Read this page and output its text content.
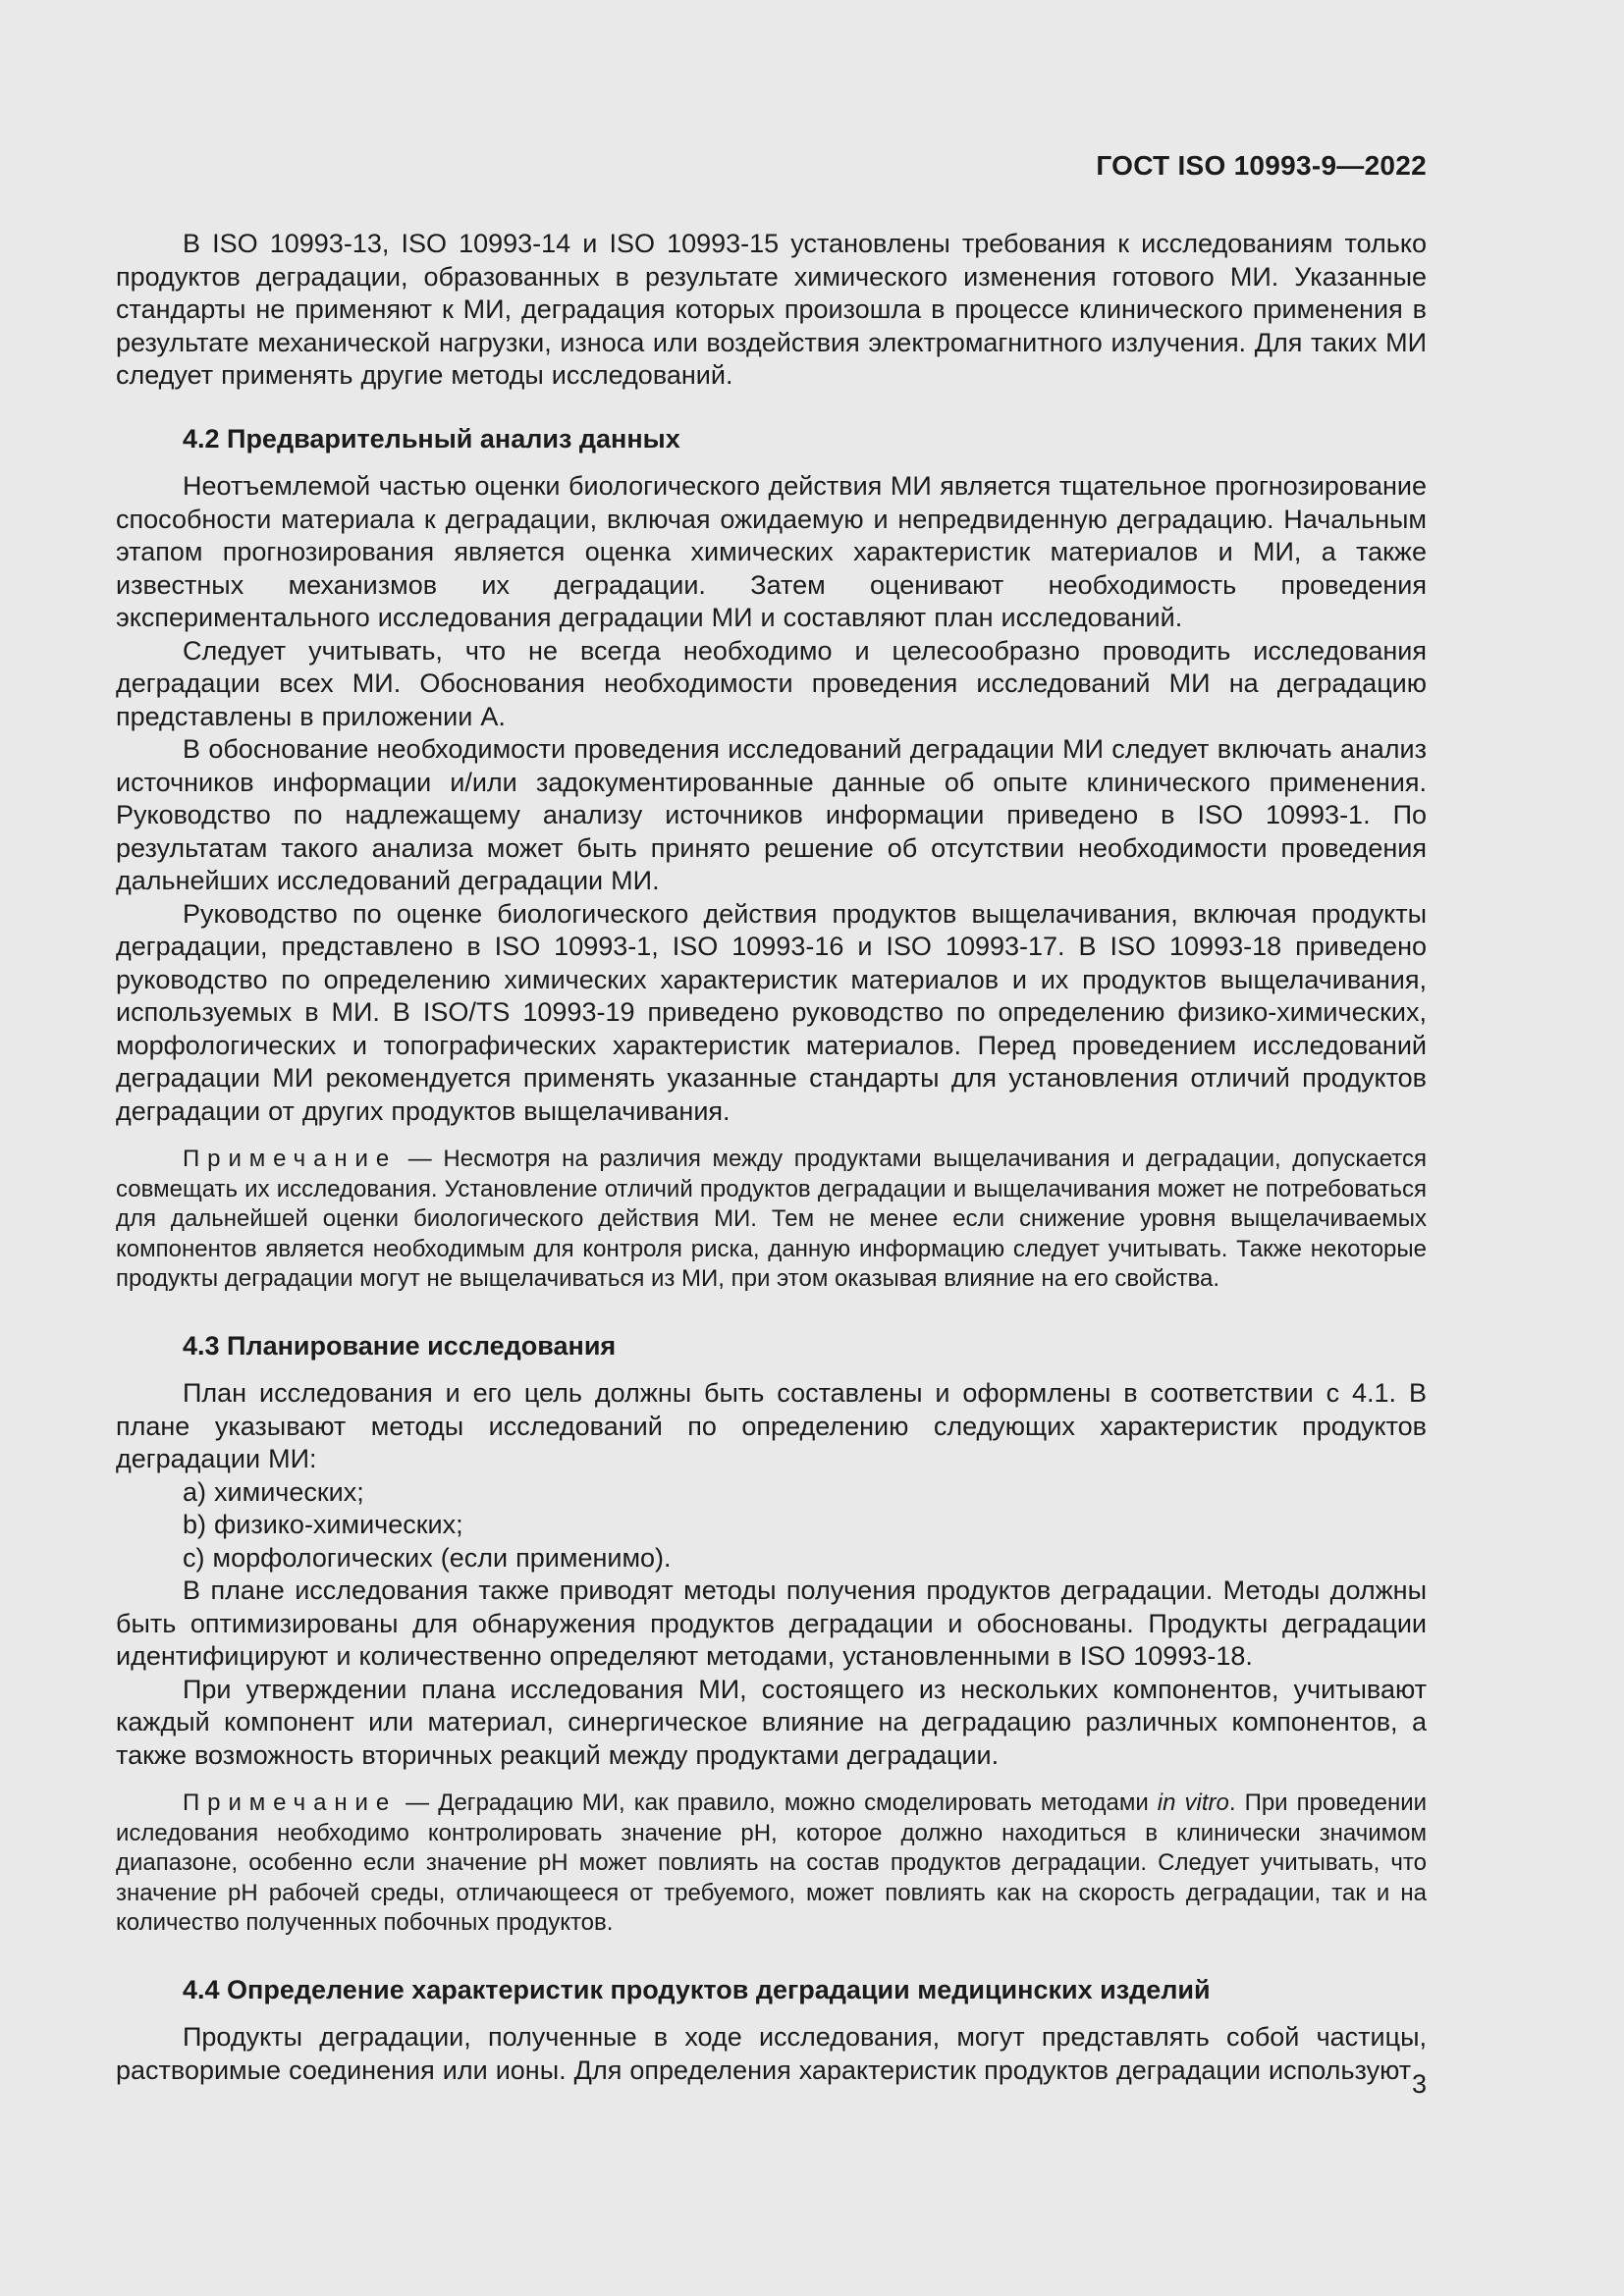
ГОСТ ISO 10993-9—2022
В ISO 10993-13, ISO 10993-14 и ISO 10993-15 установлены требования к исследованиям только продуктов деградации, образованных в результате химического изменения готового МИ. Указанные стандарты не применяют к МИ, деградация которых произошла в процессе клинического применения в результате механической нагрузки, износа или воздействия электромагнитного излучения. Для таких МИ следует применять другие методы исследований.
4.2 Предварительный анализ данных
Неотъемлемой частью оценки биологического действия МИ является тщательное прогнозирование способности материала к деградации, включая ожидаемую и непредвиденную деградацию. Начальным этапом прогнозирования является оценка химических характеристик материалов и МИ, а также известных механизмов их деградации. Затем оценивают необходимость проведения экспериментального исследования деградации МИ и составляют план исследований.
Следует учитывать, что не всегда необходимо и целесообразно проводить исследования деградации всех МИ. Обоснования необходимости проведения исследований МИ на деградацию представлены в приложении А.
В обоснование необходимости проведения исследований деградации МИ следует включать анализ источников информации и/или задокументированные данные об опыте клинического применения. Руководство по надлежащему анализу источников информации приведено в ISO 10993-1. По результатам такого анализа может быть принято решение об отсутствии необходимости проведения дальнейших исследований деградации МИ.
Руководство по оценке биологического действия продуктов выщелачивания, включая продукты деградации, представлено в ISO 10993-1, ISO 10993-16 и ISO 10993-17. В ISO 10993-18 приведено руководство по определению химических характеристик материалов и их продуктов выщелачивания, используемых в МИ. В ISO/TS 10993-19 приведено руководство по определению физико-химических, морфологических и топографических характеристик материалов. Перед проведением исследований деградации МИ рекомендуется применять указанные стандарты для установления отличий продуктов деградации от других продуктов выщелачивания.
Примечание — Несмотря на различия между продуктами выщелачивания и деградации, допускается совмещать их исследования. Установление отличий продуктов деградации и выщелачивания может не потребоваться для дальнейшей оценки биологического действия МИ. Тем не менее если снижение уровня выщелачиваемых компонентов является необходимым для контроля риска, данную информацию следует учитывать. Также некоторые продукты деградации могут не выщелачиваться из МИ, при этом оказывая влияние на его свойства.
4.3 Планирование исследования
План исследования и его цель должны быть составлены и оформлены в соответствии с 4.1. В плане указывают методы исследований по определению следующих характеристик продуктов деградации МИ:
a) химических;
b) физико-химических;
c) морфологических (если применимо).
В плане исследования также приводят методы получения продуктов деградации. Методы должны быть оптимизированы для обнаружения продуктов деградации и обоснованы. Продукты деградации идентифицируют и количественно определяют методами, установленными в ISO 10993-18.
При утверждении плана исследования МИ, состоящего из нескольких компонентов, учитывают каждый компонент или материал, синергическое влияние на деградацию различных компонентов, а также возможность вторичных реакций между продуктами деградации.
Примечание — Деградацию МИ, как правило, можно смоделировать методами in vitro. При проведении иследования необходимо контролировать значение pH, которое должно находиться в клинически значимом диапазоне, особенно если значение pH может повлиять на состав продуктов деградации. Следует учитывать, что значение pH рабочей среды, отличающееся от требуемого, может повлиять как на скорость деградации, так и на количество полученных побочных продуктов.
4.4 Определение характеристик продуктов деградации медицинских изделий
Продукты деградации, полученные в ходе исследования, могут представлять собой частицы, растворимые соединения или ионы. Для определения характеристик продуктов деградации используют 3
